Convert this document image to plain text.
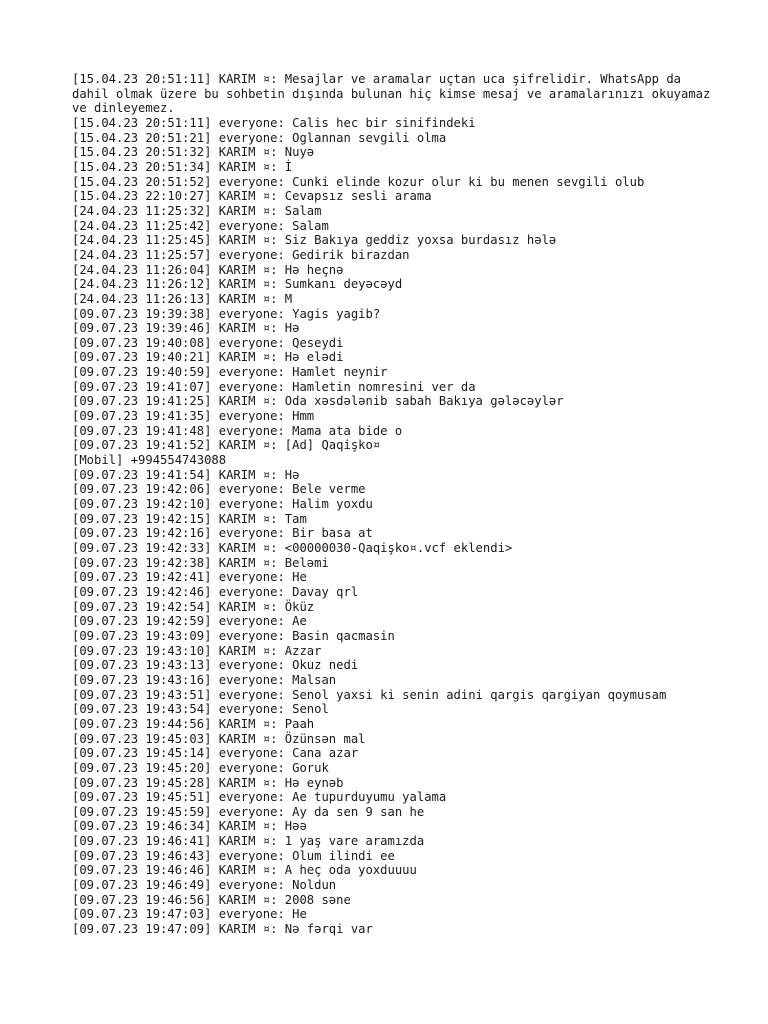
[15.04.23 20:51:11] KARIM ¤: Mesajlar ve aramalar uçtan uca şifrelidir. WhatsApp da dahil olmak üzere bu sohbetin dışında bulunan hiç kimse mesaj ve aramalarınızı okuyamaz ve dinleyemez.
[15.04.23 20:51:11] everyone: Calis hec bir sinifindeki
[15.04.23 20:51:21] everyone: Oglannan sevgili olma
[15.04.23 20:51:32] KARIM ¤: Nuyə
[15.04.23 20:51:34] KARIM ¤: İ
[15.04.23 20:51:52] everyone: Cunki elinde kozur olur ki bu menen sevgili olub
[15.04.23 22:10:27] KARIM ¤: Cevapsız sesli arama
[24.04.23 11:25:32] KARIM ¤: Salam
[24.04.23 11:25:42] everyone: Salam
[24.04.23 11:25:45] KARIM ¤: Siz Bakıya geddiz yoxsa burdasız hələ
[24.04.23 11:25:57] everyone: Gedirik birazdan
[24.04.23 11:26:04] KARIM ¤: Hə heçnə
[24.04.23 11:26:12] KARIM ¤: Sumkanı deyəcəyd
[24.04.23 11:26:13] KARIM ¤: M
[09.07.23 19:39:38] everyone: Yagis yagib?
[09.07.23 19:39:46] KARIM ¤: Hə
[09.07.23 19:40:08] everyone: Qeseydi
[09.07.23 19:40:21] KARIM ¤: Hə elədi
[09.07.23 19:40:59] everyone: Hamlet neynir
[09.07.23 19:41:07] everyone: Hamletin nomresini ver da
[09.07.23 19:41:25] KARIM ¤: Oda xəsdələnib sabah Bakıya gələcəylər
[09.07.23 19:41:35] everyone: Hmm
[09.07.23 19:41:48] everyone: Mama ata bide o
[09.07.23 19:41:52] KARIM ¤: [Ad] Qaqişko¤
[Mobil] +994554743088
[09.07.23 19:41:54] KARIM ¤: Hə
[09.07.23 19:42:06] everyone: Bele verme
[09.07.23 19:42:10] everyone: Halim yoxdu
[09.07.23 19:42:15] KARIM ¤: Tam
[09.07.23 19:42:16] everyone: Bir basa at
[09.07.23 19:42:33] KARIM ¤: <00000030-Qaqişko¤.vcf eklendi>
[09.07.23 19:42:38] KARIM ¤: Beləmi
[09.07.23 19:42:41] everyone: He
[09.07.23 19:42:46] everyone: Davay qrl
[09.07.23 19:42:54] KARIM ¤: Öküz
[09.07.23 19:42:59] everyone: Ae
[09.07.23 19:43:09] everyone: Basin qacmasin
[09.07.23 19:43:10] KARIM ¤: Azzar
[09.07.23 19:43:13] everyone: Okuz nedi
[09.07.23 19:43:16] everyone: Malsan
[09.07.23 19:43:51] everyone: Senol yaxsi ki senin adini qargis qargiyan qoymusam
[09.07.23 19:43:54] everyone: Senol
[09.07.23 19:44:56] KARIM ¤: Paah
[09.07.23 19:45:03] KARIM ¤: Özünsən mal
[09.07.23 19:45:14] everyone: Cana azar
[09.07.23 19:45:20] everyone: Goruk
[09.07.23 19:45:28] KARIM ¤: Hə eynəb
[09.07.23 19:45:51] everyone: Ae tupurduyumu yalama
[09.07.23 19:45:59] everyone: Ay da sen 9 san he
[09.07.23 19:46:34] KARIM ¤: Həə
[09.07.23 19:46:41] KARIM ¤: 1 yaş vare aramızda
[09.07.23 19:46:43] everyone: Olum ilindi ee
[09.07.23 19:46:46] KARIM ¤: A heç oda yoxduuuu
[09.07.23 19:46:49] everyone: Noldun
[09.07.23 19:46:56] KARIM ¤: 2008 səne
[09.07.23 19:47:03] everyone: He
[09.07.23 19:47:09] KARIM ¤: Nə fərqi var
